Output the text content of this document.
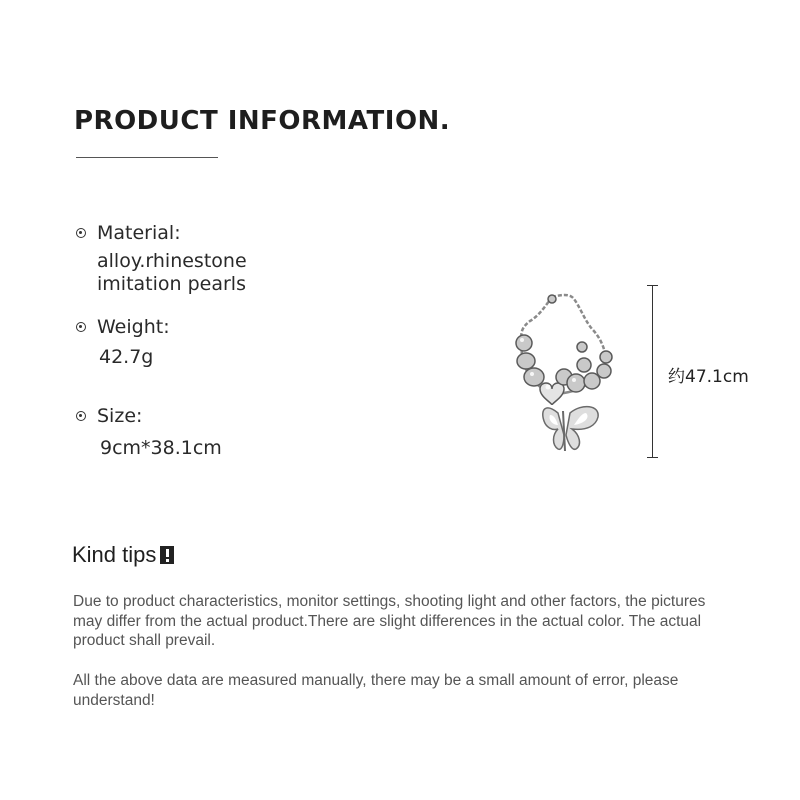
PRODUCT INFORMATION.
Material:
alloy.rhinestone
imitation pearls
Weight:
42.7g
Size:
9cm*38.1cm
约47.1cm
Kind tips
Due to product characteristics, monitor settings, shooting light and other factors, the pictures may differ from the actual product.There are slight differences in the actual color. The actual product shall prevail.
All the above data are measured manually, there may be a small amount of error, please understand!
